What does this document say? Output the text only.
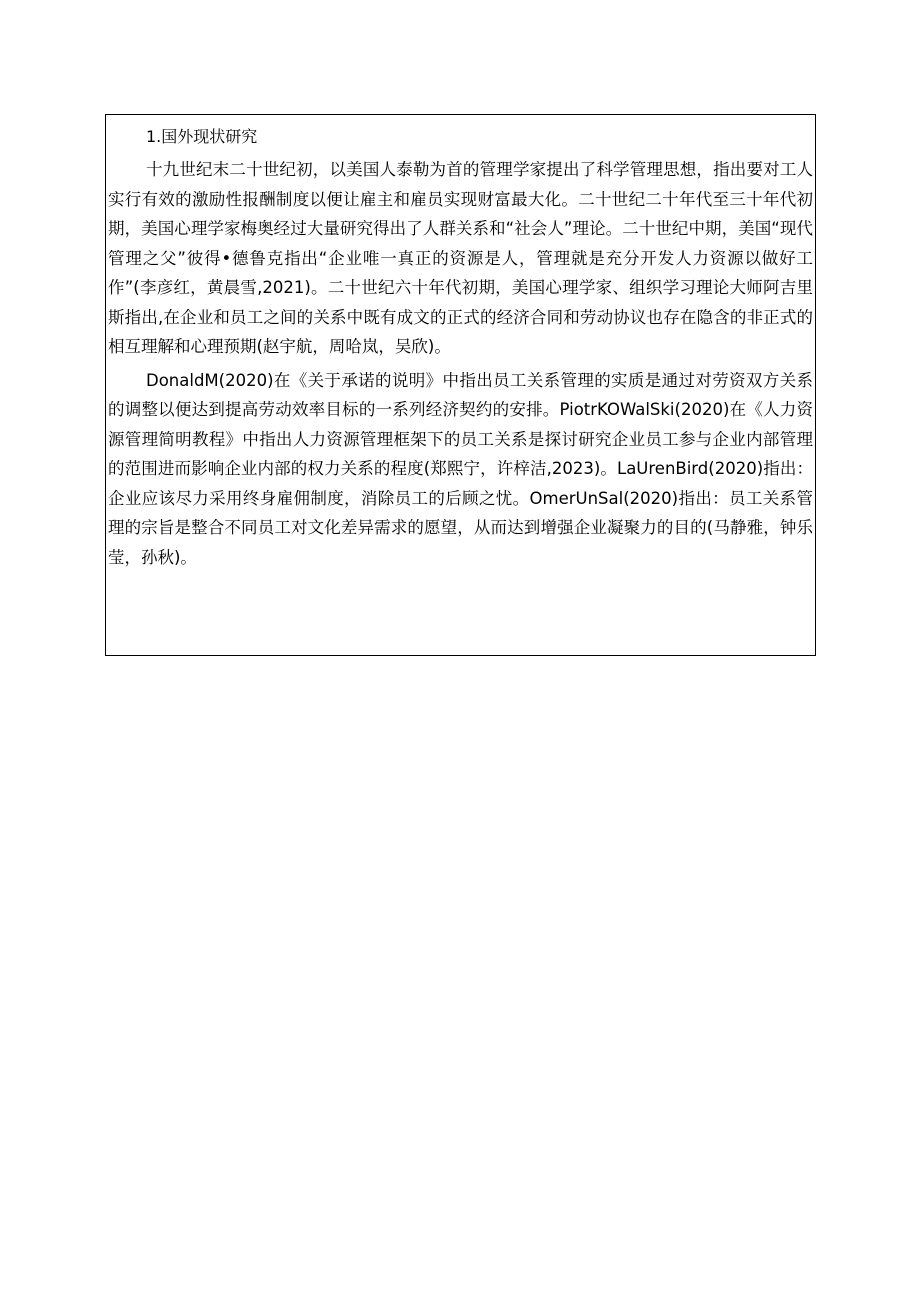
1.国外现状研究

十九世纪末二十世纪初，以美国人泰勒为首的管理学家提出了科学管理思想，指出要对工人实行有效的激励性报酬制度以便让雇主和雇员实现财富最大化。二十世纪二十年代至三十年代初期，美国心理学家梅奥经过大量研究得出了人群关系和“社会人”理论。二十世纪中期，美国“现代管理之父”彼得•德鲁克指出“企业唯一真正的资源是人，管理就是充分开发人力资源以做好工作”(李彦红，黄晨雪,2021)。二十世纪六十年代初期，美国心理学家、组织学习理论大师阿吉里斯指出,在企业和员工之间的关系中既有成文的正式的经济合同和劳动协议也存在隐含的非正式的相互理解和心理预期(赵宇航，周哈岚，吴欣)。

DonaldM(2020)在《关于承诺的说明》中指出员工关系管理的实质是通过对劳资双方关系的调整以便达到提高劳动效率目标的一系列经济契约的安排。PiotrKOWalSki(2020)在《人力资源管理简明教程》中指出人力资源管理框架下的员工关系是探讨研究企业员工参与企业内部管理的范围进而影响企业内部的权力关系的程度(郑熙宁，许梓洁,2023)。LaUrenBird(2020)指出：企业应该尽力采用终身雇佣制度，消除员工的后顾之忧。OmerUnSal(2020)指出：员工关系管理的宗旨是整合不同员工对文化差异需求的愿望，从而达到增强企业凝聚力的目的(马静雅，钟乐莹，孙秋)。
